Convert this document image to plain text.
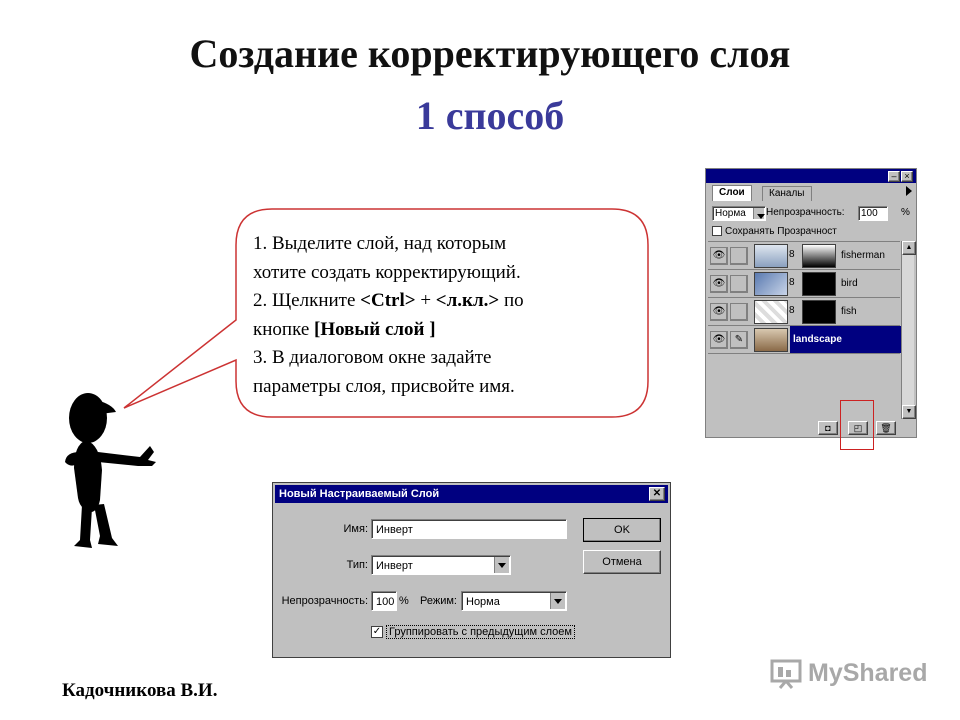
Создание корректирующего слоя
1 способ
1. Выделите слой, над которым
хотите создать корректирующий.
2. Щелкните <Ctrl> + <л.кл.> по
кнопке [Новый слой ]
3. В диалоговом окне задайте
параметры слоя, присвойте имя.
– ×
Слои	Каналы
Норма	Непрозрачность:	100	%
Сохранять Прозрачност
👁	8	fisherman
👁	8	bird
👁	8	fish
👁 ✎	landscape
▲
▼
◘	◰	🗑
Новый Настраиваемый Слой	✕
Имя: Инверт
Тип: Инверт
Непрозрачность: 100 %	Режим: Норма
✓ Группировать с предыдущим слоем
OK
Отмена
Кадочникова В.И.
MyShared
